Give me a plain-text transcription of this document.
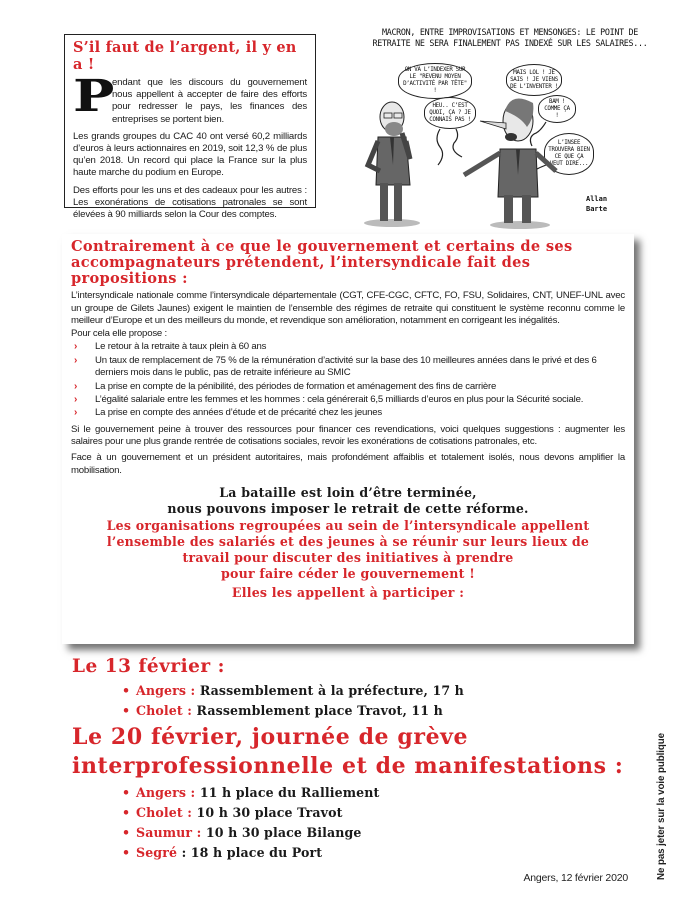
S’il faut de l’argent, il y en a !

P
endant que les discours du gouvernement nous appellent à accepter de faire des efforts pour redresser le pays, les finances des entreprises se portent bien.

Les grands groupes du CAC 40 ont versé 60,2 milliards d’euros à leurs actionnaires en 2019, soit 12,3 % de plus qu’en 2018. Un record qui place la France sur la plus haute marche du podium en Europe.

Des efforts pour les uns et des cadeaux pour les autres : Les exonérations de cotisations patronales se sont élevées à 90 milliards selon la Cour des comptes.

MACRON, ENTRE IMPROVISATIONS ET MENSONGES: LE POINT DE RETRAITE NE SERA FINALEMENT PAS INDEXÉ SUR LES SALAIRES...
ON VA L’INDEXER SUR LE "REVENU MOYEN D’ACTIVITÉ PAR TÊTE" !
HEU.. C’EST QUOI, ÇA ? JE CONNAIS PAS !
MAIS LOL ! JE SAIS ! JE VIENS DE L’INVENTER !
BAM ! COMME ÇA !
L’INSEE TROUVERA BIEN CE QUE ÇA VEUT DIRE...
Allan
Barte
Contrairement à ce que le gouvernement et certains de ses accompagnateurs prétendent, l’intersyndicale fait des propositions :

L’intersyndicale nationale comme l’intersyndicale départementale (CGT, CFE-CGC, CFTC, FO, FSU, Solidaires, CNT, UNEF-UNL avec un groupe de Gilets Jaunes) exigent le maintien de l’ensemble des régimes de retraite qui constituent le système reconnu comme le meilleur d’Europe et un des meilleurs du monde, et revendique son amélioration, notamment en corrigeant les inégalités.

Pour cela elle propose :

› Le retour à la retraite à taux plein à 60 ans
› Un taux de remplacement de 75 % de la rémunération d’activité sur la base des 10 meilleures années dans le privé et des 6 derniers mois dans le public, pas de retraite inférieure au SMIC
› La prise en compte de la pénibilité, des périodes de formation et aménagement des fins de carrière
› L’égalité salariale entre les femmes et les hommes : cela générerait 6,5 milliards d’euros en plus pour la Sécurité sociale.
› La prise en compte des années d’étude et de précarité chez les jeunes

Si le gouvernement peine à trouver des ressources pour financer ces revendications, voici quelques suggestions : augmenter les salaires pour une plus grande rentrée de cotisations sociales, revoir les exonérations de cotisations patronales, etc.

Face à un gouvernement et un président autoritaires, mais profondément affaiblis et totalement isolés, nous devons amplifier la mobilisation.

La bataille est loin d’être terminée,

nous pouvons imposer le retrait de cette réforme.

Les organisations regroupées au sein de l’intersyndicale appellent

l’ensemble des salariés et des jeunes à se réunir sur leurs lieux de

travail pour discuter des initiatives à prendre

pour faire céder le gouvernement !

Elles les appellent à participer :

Le 13 février :
• Angers : Rassemblement à la préfecture, 17 h
• Cholet : Rassemblement place Travot, 11 h
Le 20 février, journée de grève
interprofessionnelle et de manifestations :
• Angers : 11 h place du Ralliement
• Cholet : 10 h 30 place Travot
• Saumur : 10 h 30 place Bilange
• Segré : 18 h place du Port
Angers, 12 février 2020	Ne pas jeter sur la voie publique
